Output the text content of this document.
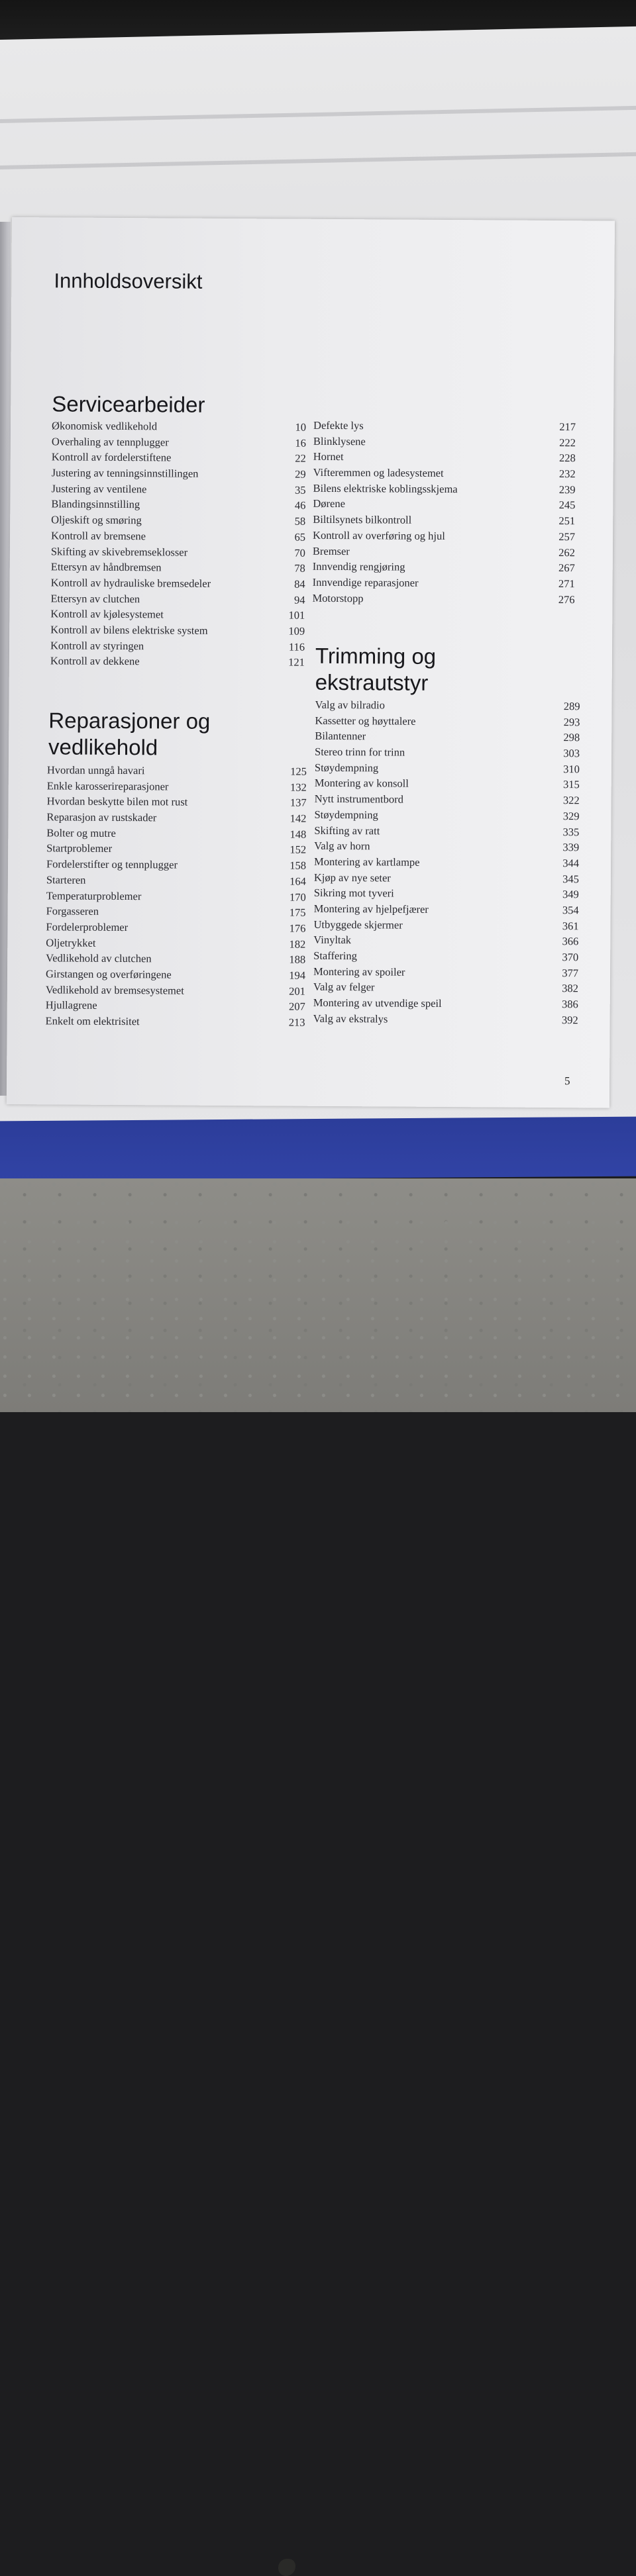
Innholdsoversikt
Servicearbeider
Økonomisk vedlikehold	10
Overhaling av tennplugger	16
Kontroll av fordelerstiftene	22
Justering av tenningsinnstillingen	29
Justering av ventilene	35
Blandingsinnstilling	46
Oljeskift og smøring	58
Kontroll av bremsene	65
Skifting av skivebremseklosser	70
Ettersyn av håndbremsen	78
Kontroll av hydrauliske bremsedeler	84
Ettersyn av clutchen	94
Kontroll av kjølesystemet	101
Kontroll av bilens elektriske system	109
Kontroll av styringen	116
Kontroll av dekkene	121
Defekte lys	217
Blinklysene	222
Hornet	228
Vifteremmen og ladesystemet	232
Bilens elektriske koblingsskjema	239
Dørene	245
Biltilsynets bilkontroll	251
Kontroll av overføring og hjul	257
Bremser	262
Innvendig rengjøring	267
Innvendige reparasjoner	271
Motorstopp	276
Reparasjoner og
vedlikehold
Hvordan unngå havari	125
Enkle karosserireparasjoner	132
Hvordan beskytte bilen mot rust	137
Reparasjon av rustskader	142
Bolter og mutre	148
Startproblemer	152
Fordelerstifter og tennplugger	158
Starteren	164
Temperaturproblemer	170
Forgasseren	175
Fordelerproblemer	176
Oljetrykket	182
Vedlikehold av clutchen	188
Girstangen og overføringene	194
Vedlikehold av bremsesystemet	201
Hjullagrene	207
Enkelt om elektrisitet	213
Trimming og
ekstrautstyr
Valg av bilradio	289
Kassetter og høyttalere	293
Bilantenner	298
Stereo trinn for trinn	303
Støydempning	310
Montering av konsoll	315
Nytt instrumentbord	322
Støydempning	329
Skifting av ratt	335
Valg av horn	339
Montering av kartlampe	344
Kjøp av nye seter	345
Sikring mot tyveri	349
Montering av hjelpefjærer	354
Utbyggede skjermer	361
Vinyltak	366
Staffering	370
Montering av spoiler	377
Valg av felger	382
Montering av utvendige speil	386
Valg av ekstralys	392
5
